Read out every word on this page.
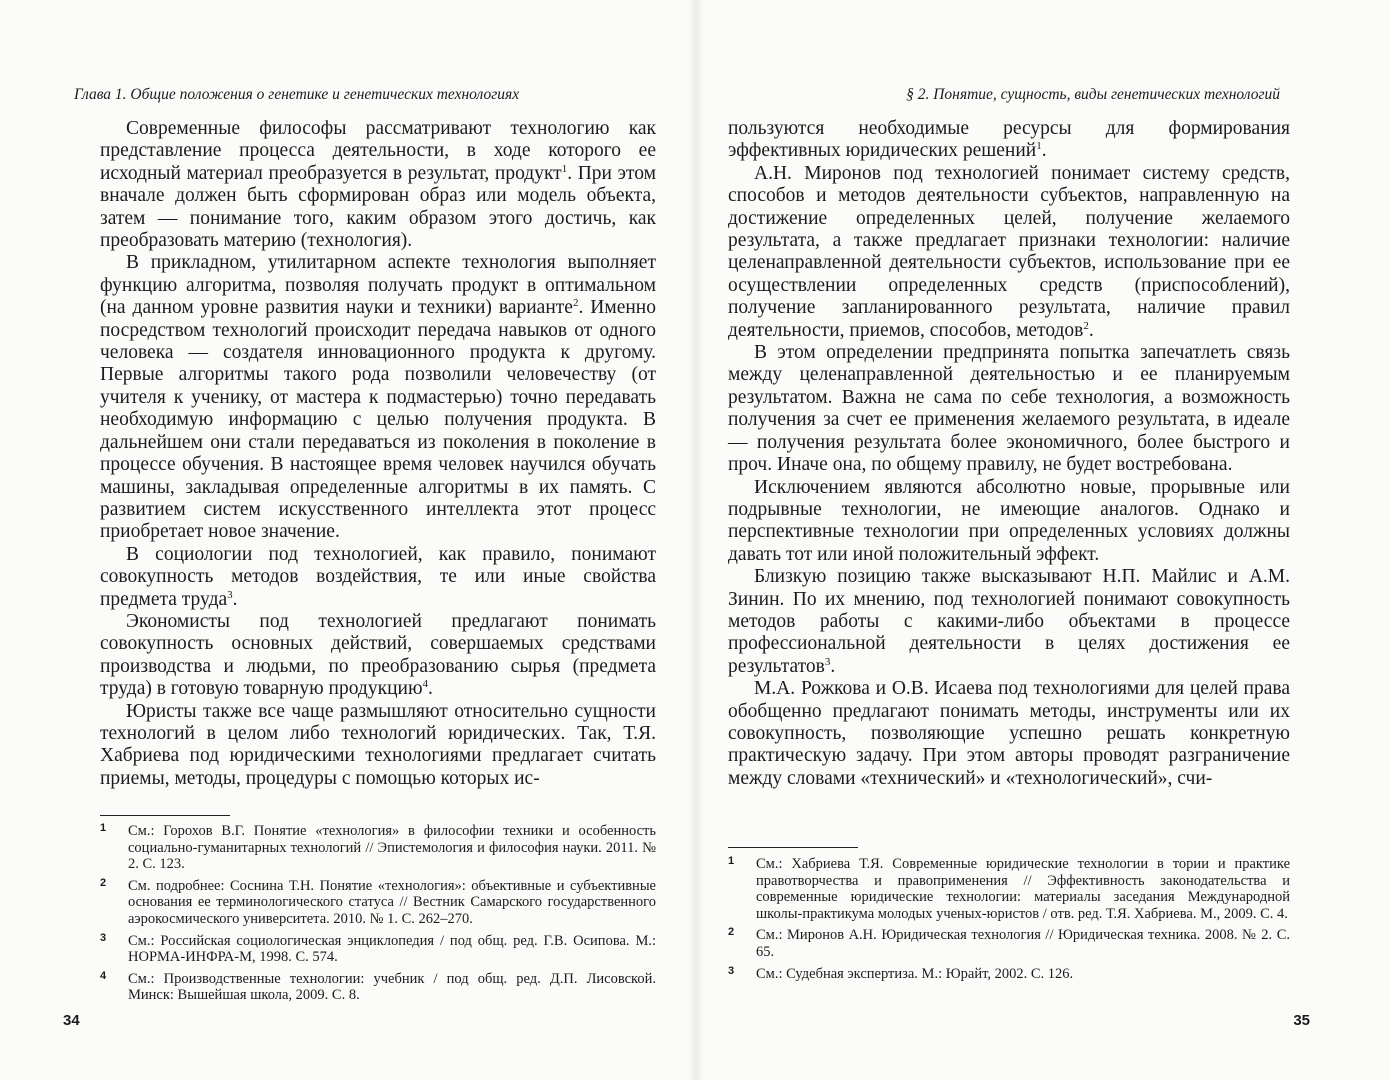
Глава 1. Общие положения о генетике и генетических технологиях

Современные философы рассматривают технологию как представление процесса деятельности, в ходе которого ее исходный материал преобразуется в результат, продукт$^1$. При этом вначале должен быть сформирован образ или модель объекта, затем — понимание того, каким образом этого достичь, как преобразовать материю (технология).

В прикладном, утилитарном аспекте технология выполняет функцию алгоритма, позволяя получать продукт в оптимальном (на данном уровне развития науки и техники) варианте$^2$. Именно посредством технологий происходит передача навыков от одного человека — создателя инновационного продукта к другому. Первые алгоритмы такого рода позволили человечеству (от учителя к ученику, от мастера к подмастерью) точно передавать необходимую информацию с целью получения продукта. В дальнейшем они стали передаваться из поколения в поколение в процессе обучения. В настоящее время человек научился обучать машины, закладывая определенные алгоритмы в их память. С развитием систем искусственного интеллекта этот процесс приобретает новое значение.

В социологии под технологией, как правило, понимают совокупность методов воздействия, те или иные свойства предмета труда$^3$.

Экономисты под технологией предлагают понимать совокупность основных действий, совершаемых средствами производства и людьми, по преобразованию сырья (предмета труда) в готовую товарную продукцию$^4$.

Юристы также все чаще размышляют относительно сущности технологий в целом либо технологий юридических. Так, Т.Я. Хабриева под юридическими технологиями предлагает считать приемы, методы, процедуры с помощью которых ис-

1 См.: Горохов В.Г. Понятие «технология» в философии техники и особенность социально-гуманитарных технологий // Эпистемология и философия науки. 2011. № 2. С. 123.
2 См. подробнее: Соснина Т.Н. Понятие «технология»: объективные и субъективные основания ее терминологического статуса // Вестник Самарского государственного аэрокосмического университета. 2010. № 1. С. 262–270.
3 См.: Российская социологическая энциклопедия / под общ. ред. Г.В. Осипова. М.: НОРМА-ИНФРА-М, 1998. С. 574.
4 См.: Производственные технологии: учебник / под общ. ред. Д.П. Лисовской. Минск: Вышейшая школа, 2009. С. 8.
34
§ 2. Понятие, сущность, виды генетических технологий

пользуются необходимые ресурсы для формирования эффективных юридических решений$^1$.

А.Н. Миронов под технологией понимает систему средств, способов и методов деятельности субъектов, направленную на достижение определенных целей, получение желаемого результата, а также предлагает признаки технологии: наличие целенаправленной деятельности субъектов, использование при ее осуществлении определенных средств (приспособлений), получение запланированного результата, наличие правил деятельности, приемов, способов, методов$^2$.

В этом определении предпринята попытка запечатлеть связь между целенаправленной деятельностью и ее планируемым результатом. Важна не сама по себе технология, а возможность получения за счет ее применения желаемого результата, в идеале — получения результата более экономичного, более быстрого и проч. Иначе она, по общему правилу, не будет востребована.

Исключением являются абсолютно новые, прорывные или подрывные технологии, не имеющие аналогов. Однако и перспективные технологии при определенных условиях должны давать тот или иной положительный эффект.

Близкую позицию также высказывают Н.П. Майлис и А.М. Зинин. По их мнению, под технологией понимают совокупность методов работы с какими-либо объектами в процессе профессиональной деятельности в целях достижения ее результатов$^3$.

М.А. Рожкова и О.В. Исаева под технологиями для целей права обобщенно предлагают понимать методы, инструменты или их совокупность, позволяющие успешно решать конкретную практическую задачу. При этом авторы проводят разграничение между словами «технический» и «технологический», счи-

1 См.: Хабриева Т.Я. Современные юридические технологии в тории и практике правотворчества и правоприменения // Эффективность законодательства и современные юридические технологии: материалы заседания Международной школы-практикума молодых ученых-юристов / отв. ред. Т.Я. Хабриева. М., 2009. С. 4.
2 См.: Миронов А.Н. Юридическая технология // Юридическая техника. 2008. № 2. С. 65.
3 См.: Судебная экспертиза. М.: Юрайт, 2002. С. 126.
35
